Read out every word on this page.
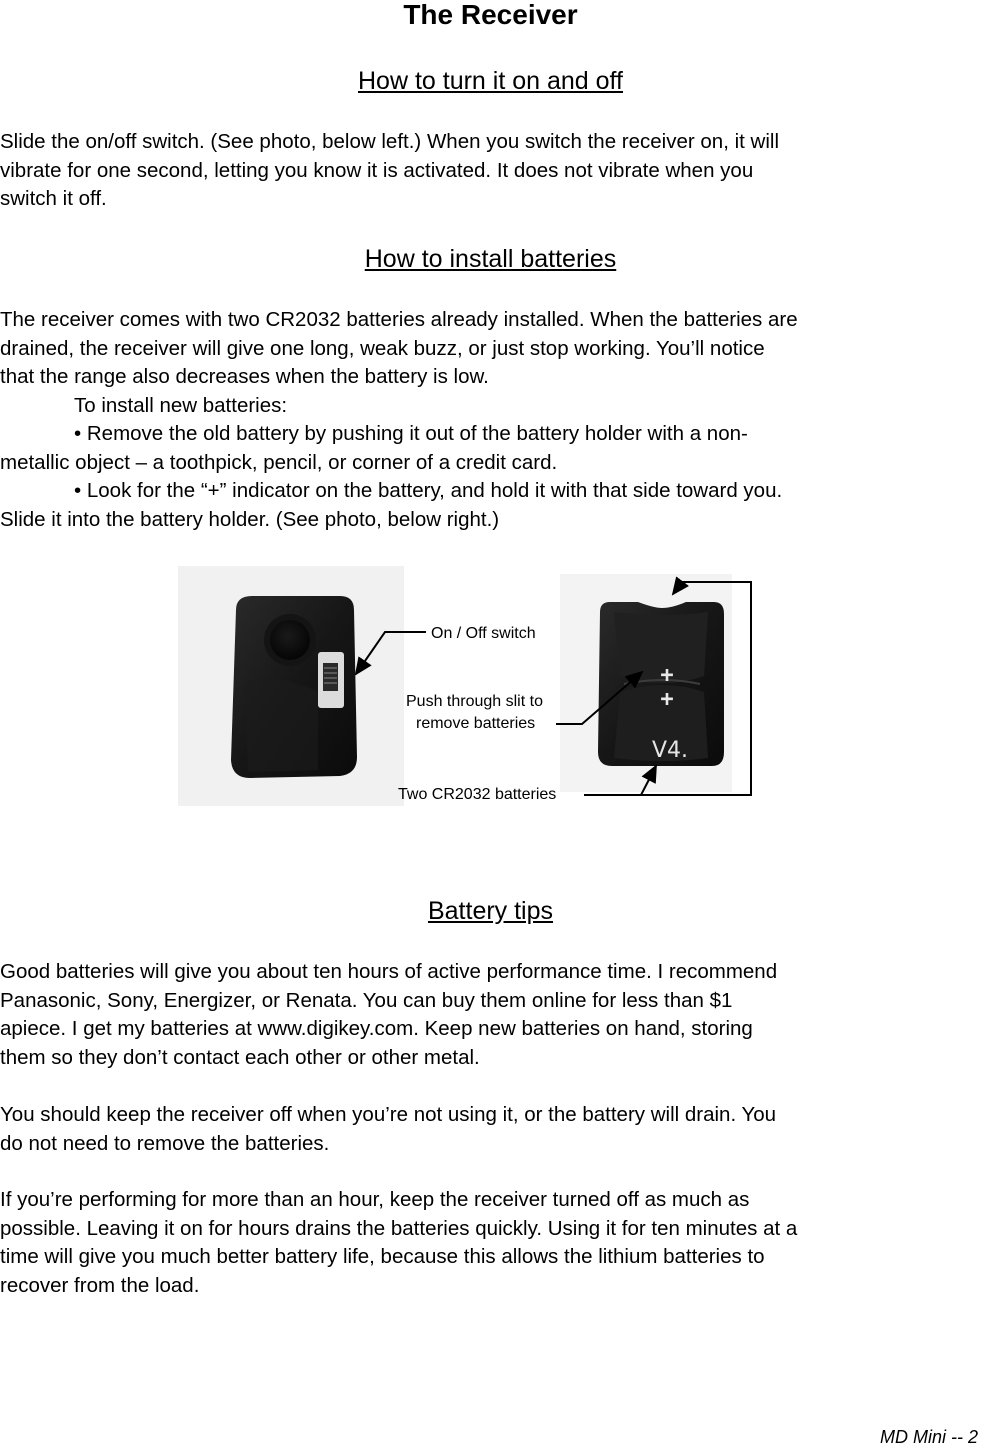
The Receiver
How to turn it on and off
Slide the on/off switch. (See photo, below left.) When you switch the receiver on, it will
vibrate for one second, letting you know it is activated. It does not vibrate when you
switch it off.
How to install batteries
The receiver comes with two CR2032 batteries already installed. When the batteries are
drained, the receiver will give one long, weak buzz, or just stop working. You’ll notice
that the range also decreases when the battery is low.
To install new batteries:
• Remove the old battery by pushing it out of the battery holder with a non-
metallic object – a toothpick, pencil, or corner of a credit card.
• Look for the “+” indicator on the battery, and hold it with that side toward you.
Slide it into the battery holder. (See photo, below right.)
+
+
V4.
On / Off switch
Push through slit to
remove batteries
Two CR2032 batteries
Battery tips
Good batteries will give you about ten hours of active performance time. I recommend
Panasonic, Sony, Energizer, or Renata. You can buy them online for less than $1
apiece. I get my batteries at www.digikey.com. Keep new batteries on hand, storing
them so they don’t contact each other or other metal.
You should keep the receiver off when you’re not using it, or the battery will drain. You
do not need to remove the batteries.
If you’re performing for more than an hour, keep the receiver turned off as much as
possible. Leaving it on for hours drains the batteries quickly. Using it for ten minutes at a
time will give you much better battery life, because this allows the lithium batteries to
recover from the load.
MD Mini -- 2
